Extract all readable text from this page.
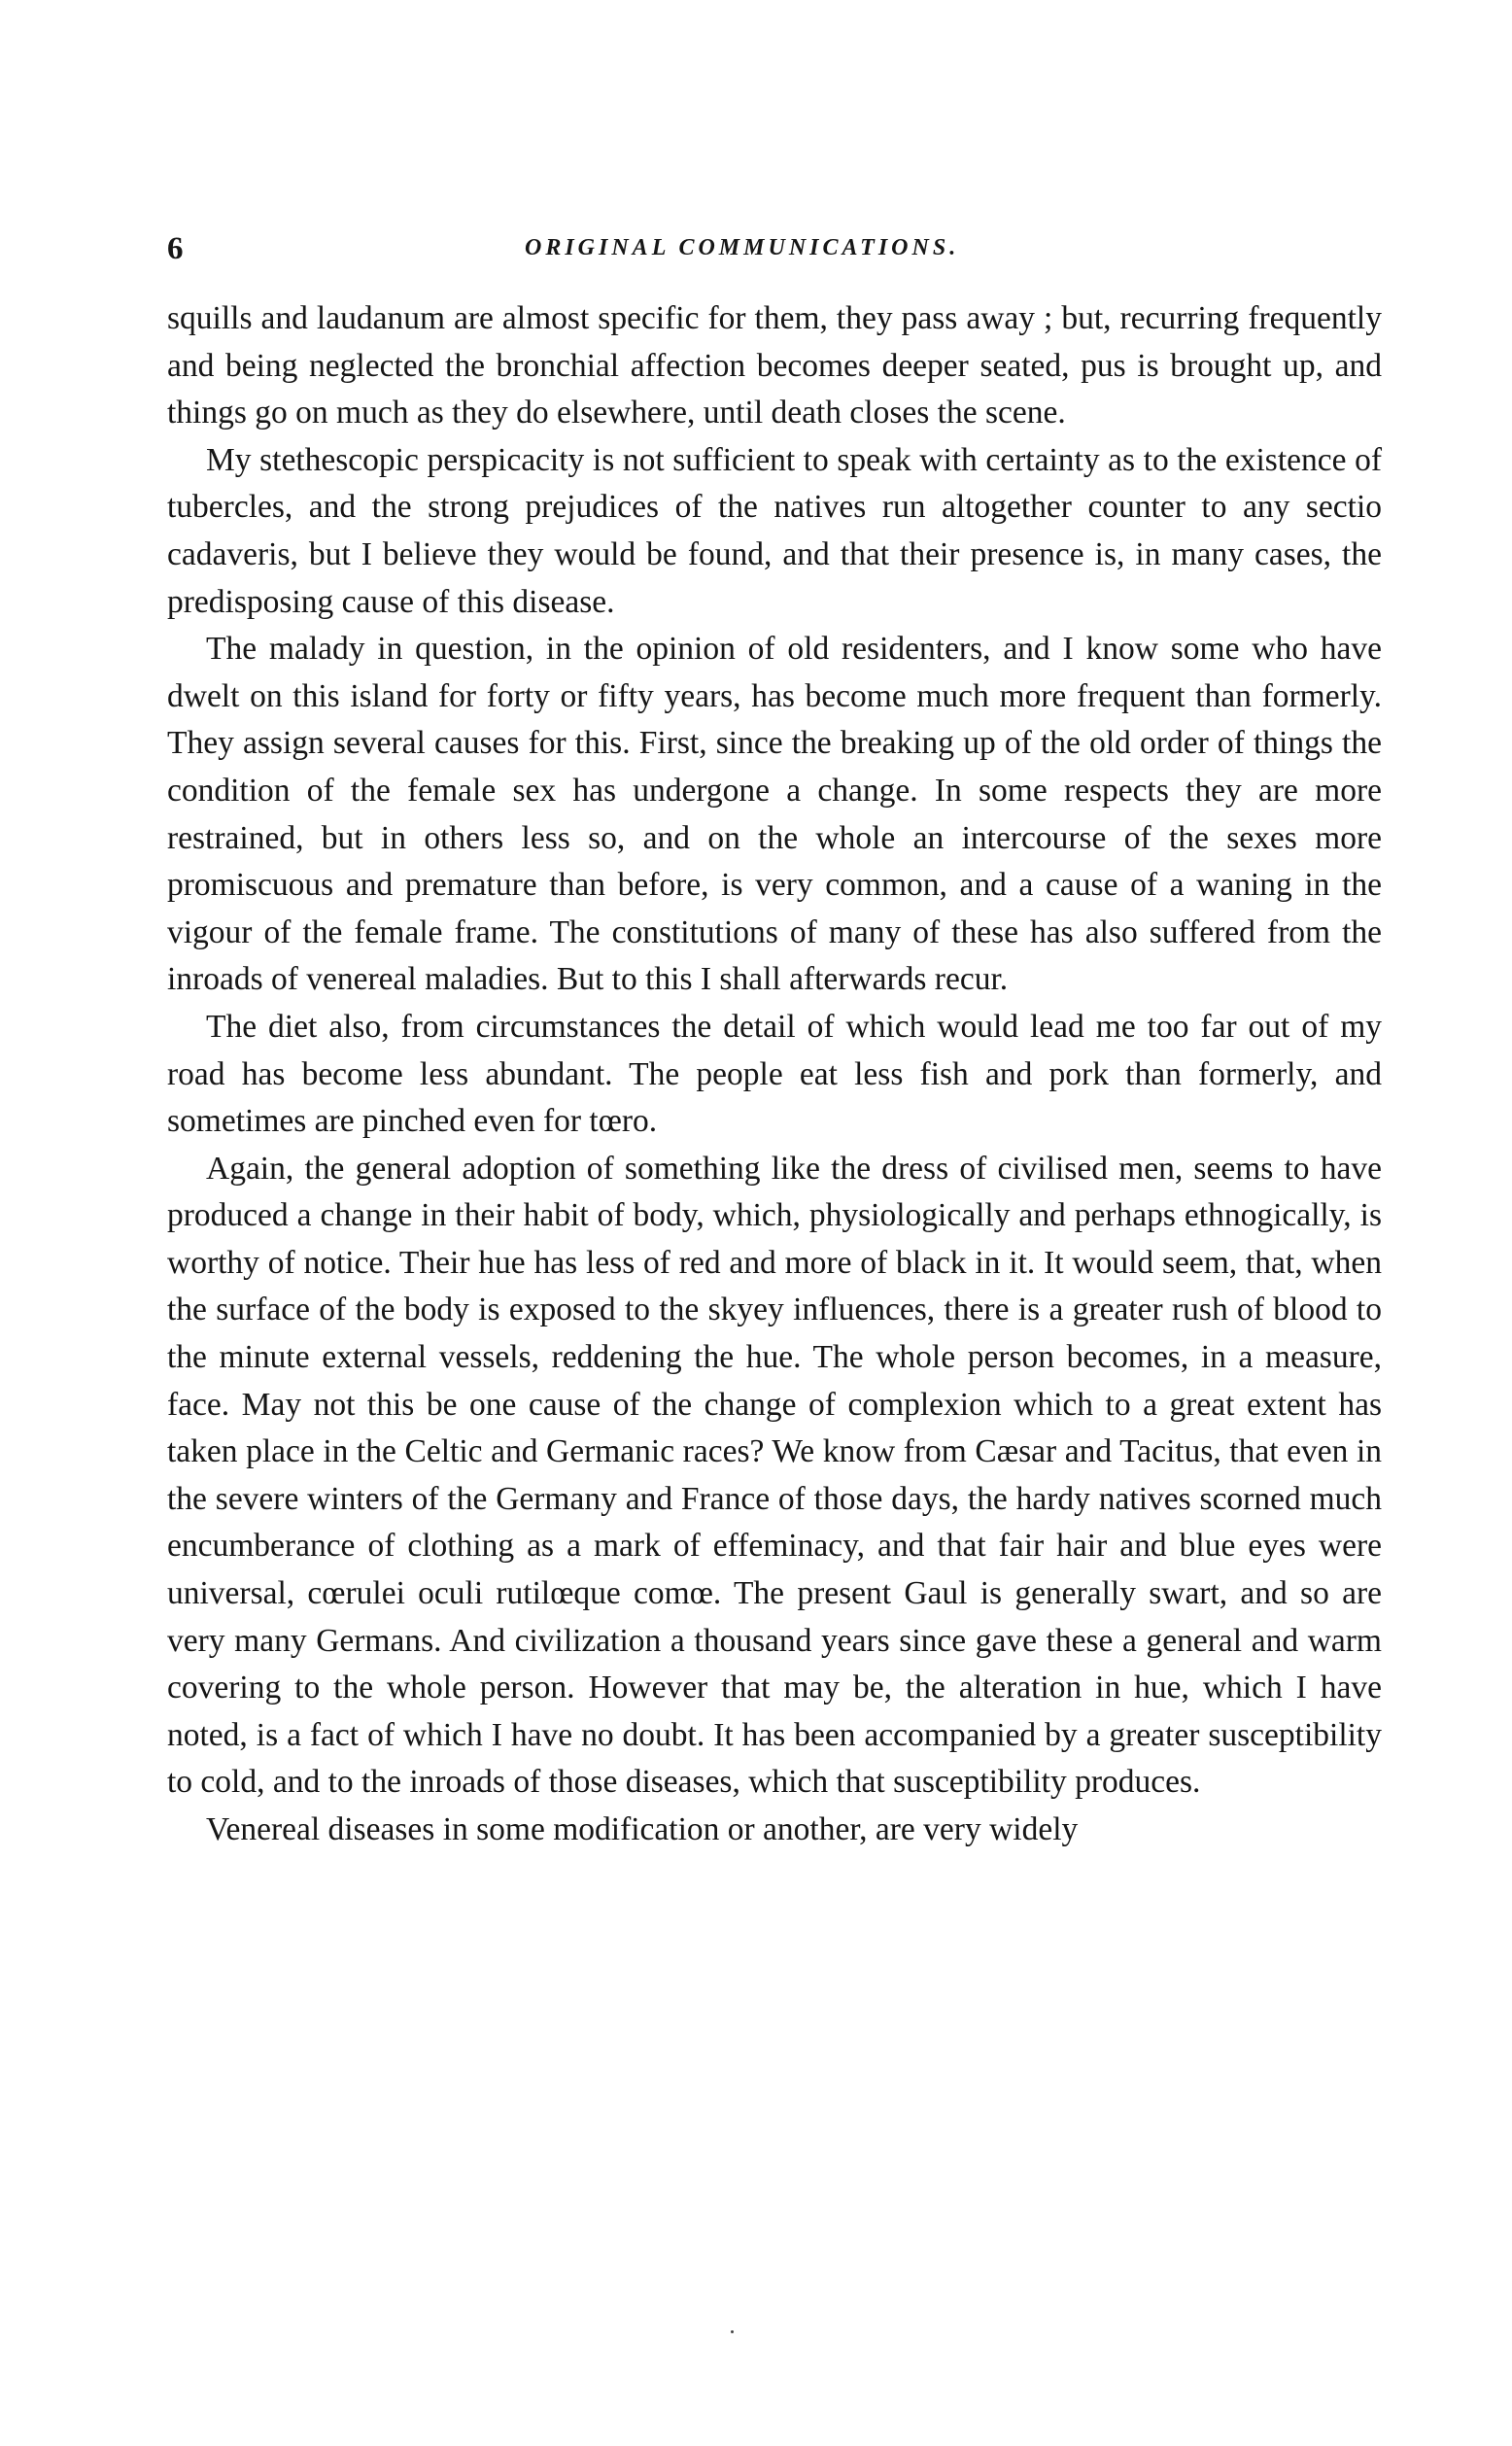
6	ORIGINAL COMMUNICATIONS.

squills and laudanum are almost specific for them, they pass away ; but, recurring frequently and being neglected the bronchial affection becomes deeper seated, pus is brought up, and things go on much as they do elsewhere, until death closes the scene.

My stethescopic perspicacity is not sufficient to speak with certainty as to the existence of tubercles, and the strong prejudices of the natives run altogether counter to any sectio cadaveris, but I believe they would be found, and that their presence is, in many cases, the predisposing cause of this disease.

The malady in question, in the opinion of old residenters, and I know some who have dwelt on this island for forty or fifty years, has become much more frequent than formerly. They assign several causes for this. First, since the breaking up of the old order of things the condition of the female sex has undergone a change. In some respects they are more restrained, but in others less so, and on the whole an intercourse of the sexes more promiscuous and premature than before, is very common, and a cause of a waning in the vigour of the female frame. The constitutions of many of these has also suffered from the inroads of venereal maladies. But to this I shall afterwards recur.

The diet also, from circumstances the detail of which would lead me too far out of my road has become less abundant. The people eat less fish and pork than formerly, and sometimes are pinched even for tœro.

Again, the general adoption of something like the dress of civilised men, seems to have produced a change in their habit of body, which, physiologically and perhaps ethnogically, is worthy of notice. Their hue has less of red and more of black in it. It would seem, that, when the surface of the body is exposed to the skyey influences, there is a greater rush of blood to the minute external vessels, reddening the hue. The whole person becomes, in a measure, face. May not this be one cause of the change of complexion which to a great extent has taken place in the Celtic and Germanic races? We know from Cæsar and Tacitus, that even in the severe winters of the Germany and France of those days, the hardy natives scorned much encumberance of clothing as a mark of effeminacy, and that fair hair and blue eyes were universal, cœrulei oculi rutilœque comœ. The present Gaul is generally swart, and so are very many Germans. And civilization a thousand years since gave these a general and warm covering to the whole person. However that may be, the alteration in hue, which I have noted, is a fact of which I have no doubt. It has been accompanied by a greater susceptibility to cold, and to the inroads of those diseases, which that susceptibility produces.

Venereal diseases in some modification or another, are very widely
